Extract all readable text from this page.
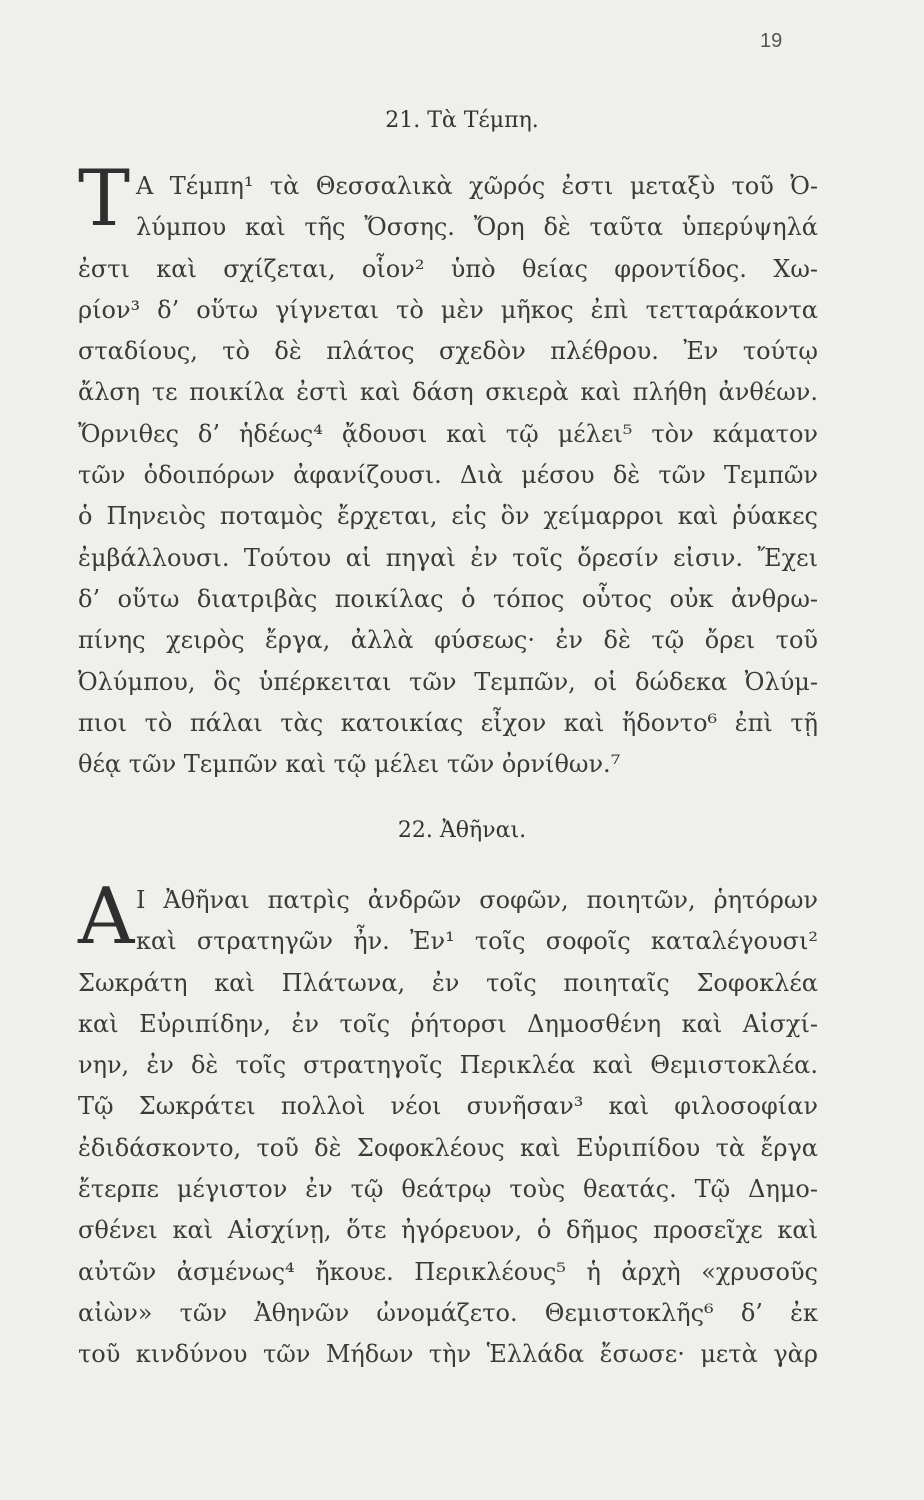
19
21. Τὰ Τέμπη.
Τ Α Τέμπη¹ τὰ Θεσσαλικὰ χῶρός ἐστι μεταξὺ τοῦ Ὀ-
λύμπου καὶ τῆς Ὄσσης. Ὄρη δὲ ταῦτα ὑπερύψηλά
ἐστι καὶ σχίζεται, οἷον² ὑπὸ θείας φροντίδος. Χω-
ρίον³ δ’ οὕτω γίγνεται τὸ μὲν μῆκος ἐπὶ τετταράκοντα
σταδίους, τὸ δὲ πλάτος σχεδὸν πλέθρου. Ἐν τούτῳ
ἄλση τε ποικίλα ἐστὶ καὶ δάση σκιερὰ καὶ πλήθη ἀνθέων.
Ὄρνιθες δ’ ἡδέως⁴ ᾄδουσι καὶ τῷ μέλει⁵ τὸν κάματον
τῶν ὁδοιπόρων ἀφανίζουσι. Διὰ μέσου δὲ τῶν Τεμπῶν
ὁ Πηνειὸς ποταμὸς ἔρχεται, εἰς ὃν χείμαρροι καὶ ῥύακες
ἐμβάλλουσι. Τούτου αἱ πηγαὶ ἐν τοῖς ὄρεσίν εἰσιν. Ἔχει
δ’ οὕτω διατριβὰς ποικίλας ὁ τόπος οὗτος οὐκ ἀνθρω-
πίνης χειρὸς ἔργα, ἀλλὰ φύσεως· ἐν δὲ τῷ ὄρει τοῦ
Ὀλύμπου, ὃς ὑπέρκειται τῶν Τεμπῶν, οἱ δώδεκα Ὀλύμ-
πιοι τὸ πάλαι τὰς κατοικίας εἶχον καὶ ἥδοντο⁶ ἐπὶ τῇ
θέᾳ τῶν Τεμπῶν καὶ τῷ μέλει τῶν ὀρνίθων.⁷
22. Ἀθῆναι.
Α Ι Ἀθῆναι πατρὶς ἀνδρῶν σοφῶν, ποιητῶν, ῥητόρων
καὶ στρατηγῶν ἦν. Ἐν¹ τοῖς σοφοῖς καταλέγουσι²
Σωκράτη καὶ Πλάτωνα, ἐν τοῖς ποιηταῖς Σοφοκλέα
καὶ Εὐριπίδην, ἐν τοῖς ῥήτορσι Δημοσθένη καὶ Αἰσχί-
νην, ἐν δὲ τοῖς στρατηγοῖς Περικλέα καὶ Θεμιστοκλέα.
Τῷ Σωκράτει πολλοὶ νέοι συνῆσαν³ καὶ φιλοσοφίαν
ἐδιδάσκοντο, τοῦ δὲ Σοφοκλέους καὶ Εὐριπίδου τὰ ἔργα
ἔτερπε μέγιστον ἐν τῷ θεάτρῳ τοὺς θεατάς. Τῷ Δημο-
σθένει καὶ Αἰσχίνῃ, ὅτε ἠγόρευον, ὁ δῆμος προσεῖχε καὶ
αὐτῶν ἀσμένως⁴ ἤκουε. Περικλέους⁵ ἡ ἀρχὴ «χρυσοῦς
αἰὼν» τῶν Ἀθηνῶν ὠνομάζετο. Θεμιστοκλῆς⁶ δ’ ἐκ
τοῦ κινδύνου τῶν Μήδων τὴν Ἑλλάδα ἔσωσε· μετὰ γὰρ
